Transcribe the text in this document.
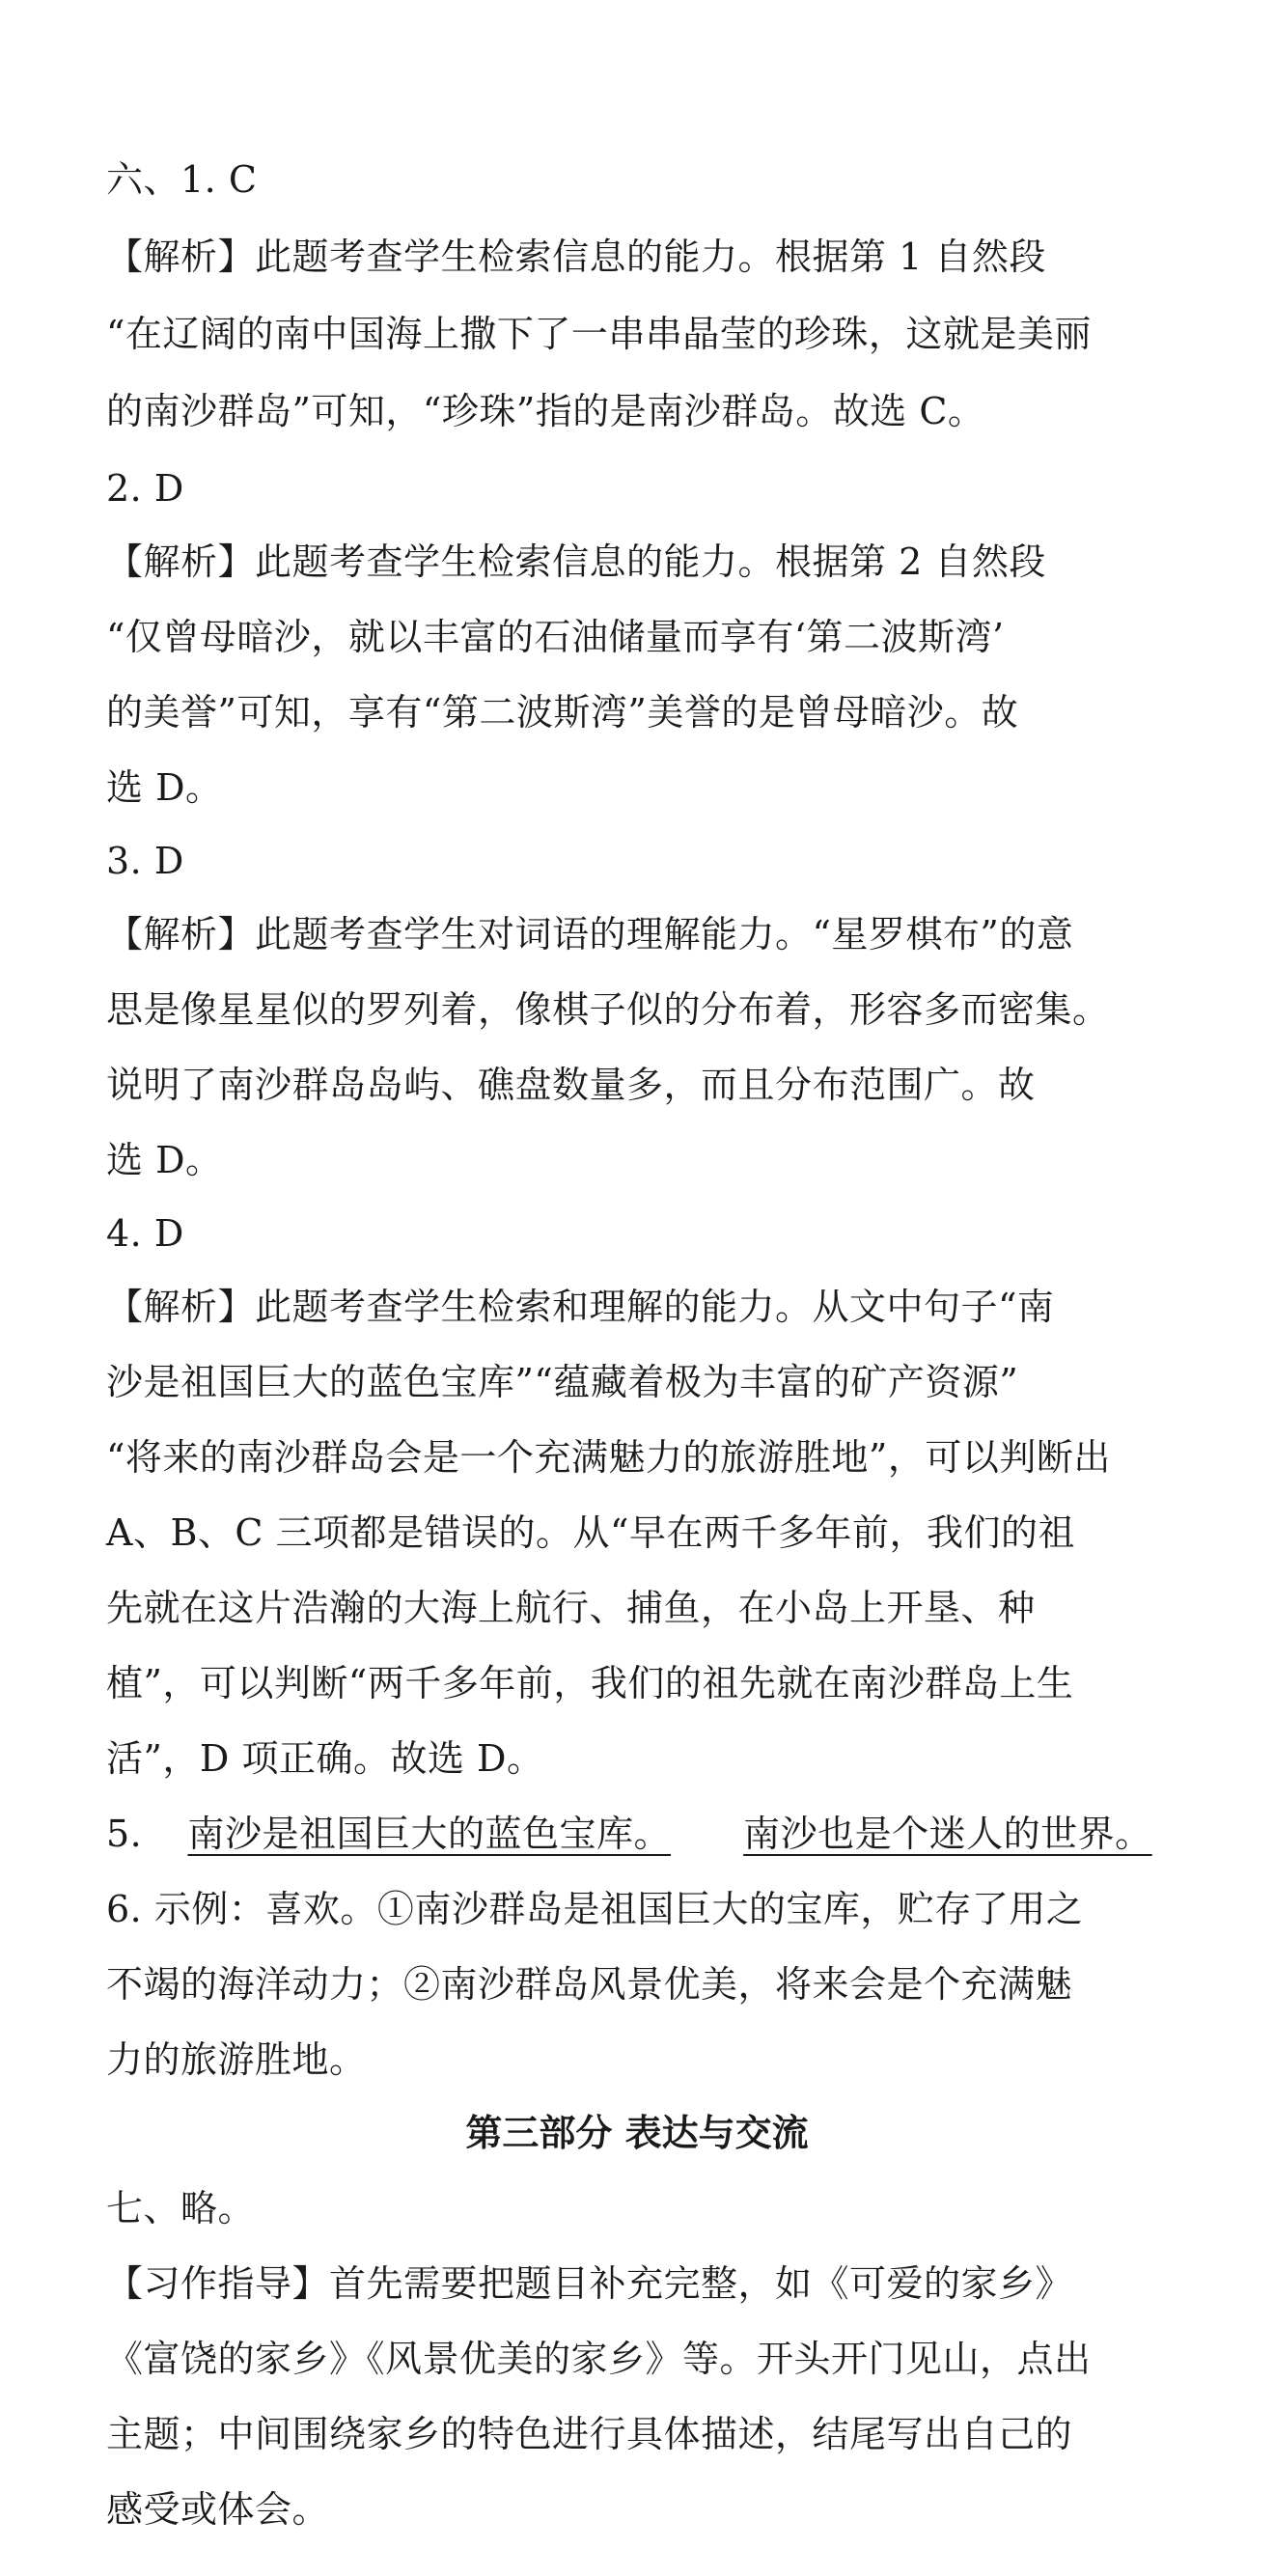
六、1. C
【解析】此题考查学生检索信息的能力。根据第 1 自然段
“在辽阔的南中国海上撒下了一串串晶莹的珍珠，这就是美丽
的南沙群岛”可知，“珍珠”指的是南沙群岛。故选 C。
2. D
【解析】此题考查学生检索信息的能力。根据第 2 自然段
“仅曾母暗沙，就以丰富的石油储量而享有‘第二波斯湾’
的美誉”可知，享有“第二波斯湾”美誉的是曾母暗沙。故
选 D。
3. D
【解析】此题考查学生对词语的理解能力。“星罗棋布”的意
思是像星星似的罗列着，像棋子似的分布着，形容多而密集。
说明了南沙群岛岛屿、礁盘数量多，而且分布范围广。故
选 D。
4. D
【解析】此题考查学生检索和理解的能力。从文中句子“南
沙是祖国巨大的蓝色宝库”“蕴藏着极为丰富的矿产资源”
“将来的南沙群岛会是一个充满魅力的旅游胜地”，可以判断出
A、B、C 三项都是错误的。从“早在两千多年前，我们的祖
先就在这片浩瀚的大海上航行、捕鱼，在小岛上开垦、种
植”，可以判断“两千多年前，我们的祖先就在南沙群岛上生
活”，D 项正确。故选 D。
5. 南沙是祖国巨大的蓝色宝库。 南沙也是个迷人的世界。
6. 示例：喜欢。①南沙群岛是祖国巨大的宝库，贮存了用之
不竭的海洋动力；②南沙群岛风景优美，将来会是个充满魅
力的旅游胜地。
第三部分 表达与交流
七、略。
【习作指导】首先需要把题目补充完整，如《可爱的家乡》
《富饶的家乡》《风景优美的家乡》等。开头开门见山，点出
主题；中间围绕家乡的特色进行具体描述，结尾写出自己的
感受或体会。
